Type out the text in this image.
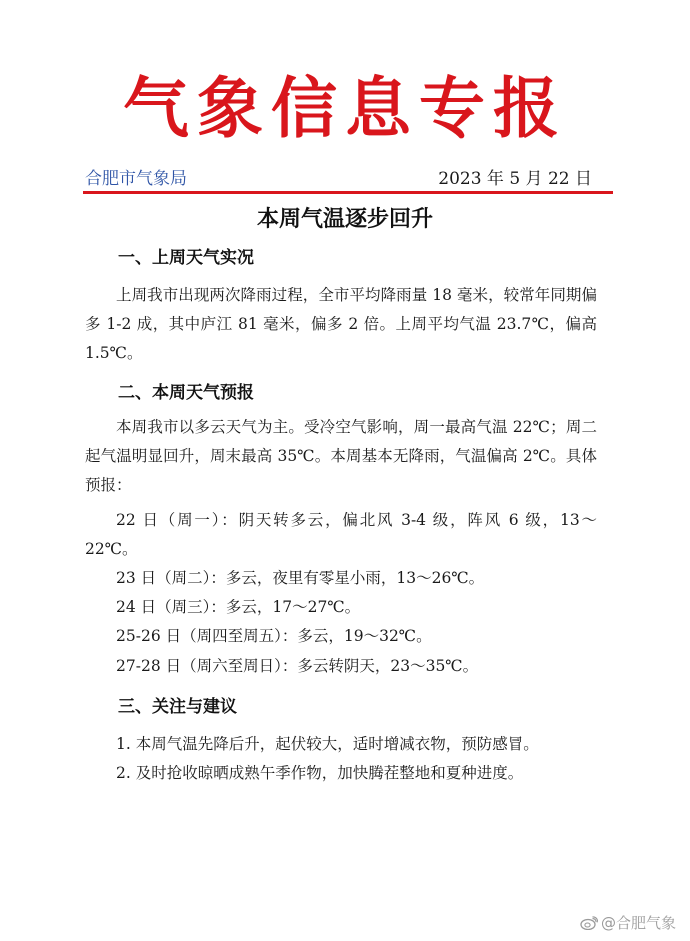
气象信息专报
合肥市气象局	2023 年 5 月 22 日
本周气温逐步回升
一、上周天气实况
上周我市出现两次降雨过程，全市平均降雨量 18 毫米，较常年同期偏多 1-2 成，其中庐江 81 毫米，偏多 2 倍。上周平均气温 23.7℃，偏高 1.5℃。
二、本周天气预报
本周我市以多云天气为主。受冷空气影响，周一最高气温 22℃；周二起气温明显回升，周末最高 35℃。本周基本无降雨，气温偏高 2℃。具体预报：
22 日（周一）：阴天转多云，偏北风 3-4 级，阵风 6 级，13～22℃。
23 日（周二）：多云，夜里有零星小雨，13～26℃。
24 日（周三）：多云，17～27℃。
25-26 日（周四至周五）：多云，19～32℃。
27-28 日（周六至周日）：多云转阴天，23～35℃。
三、关注与建议
1. 本周气温先降后升，起伏较大，适时增减衣物，预防感冒。
2. 及时抢收晾晒成熟午季作物，加快腾茬整地和夏种进度。
@合肥气象
